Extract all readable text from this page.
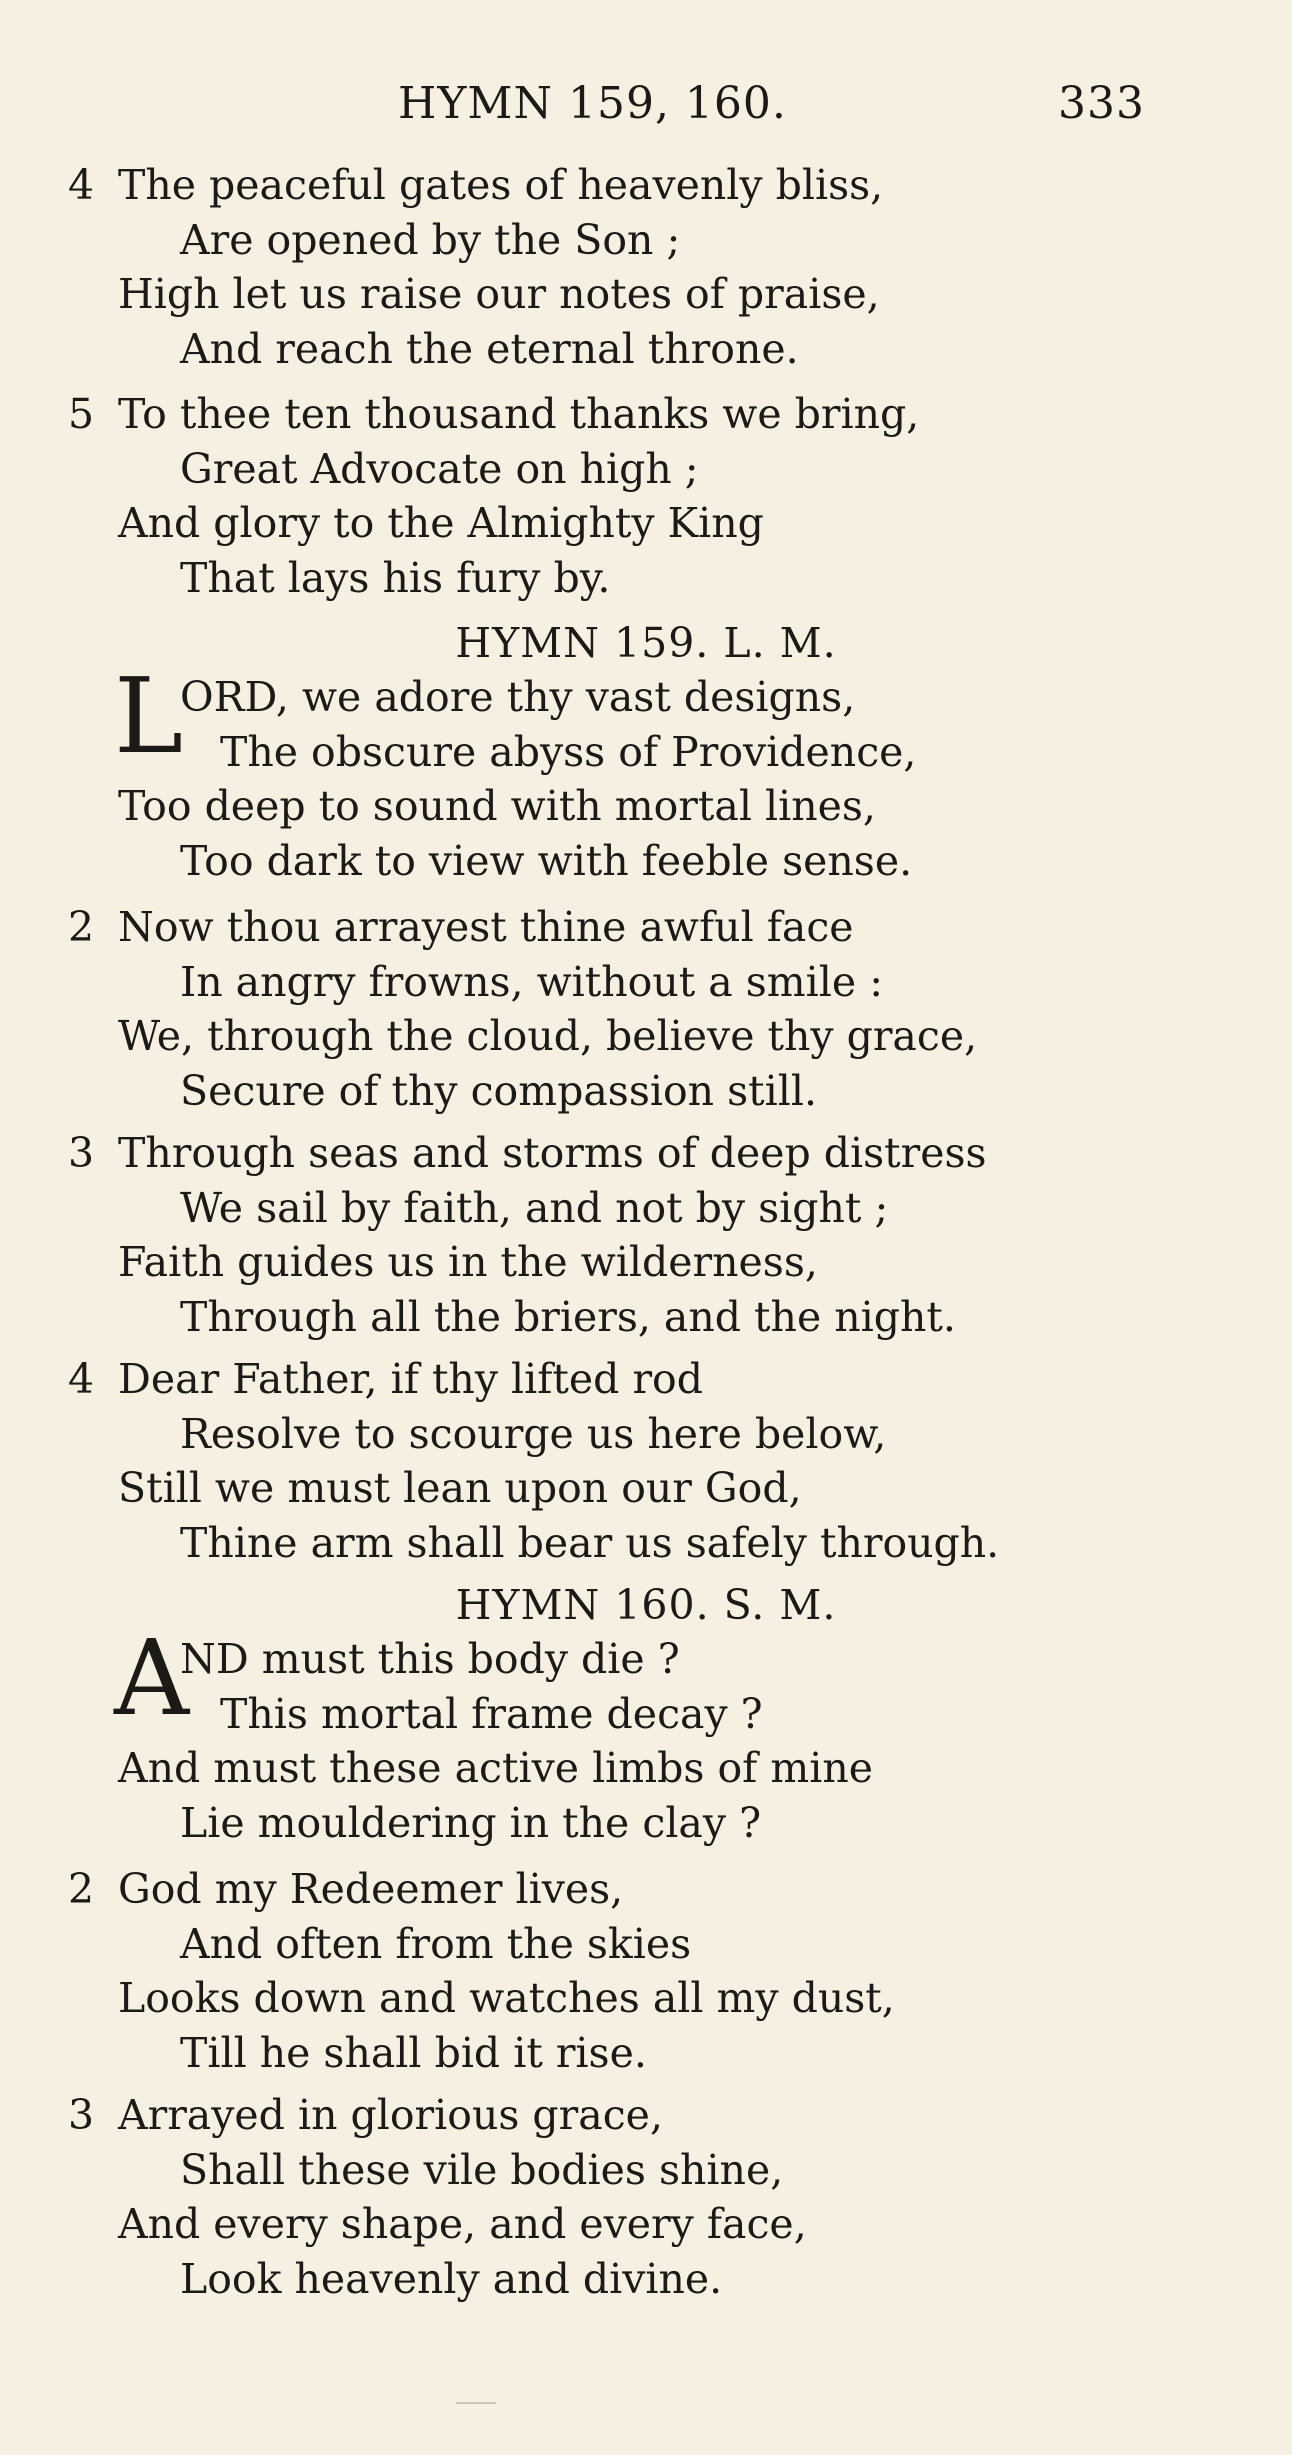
HYMN 159, 160.	333
4 The peaceful gates of heavenly bliss,
Are opened by the Son ;
High let us raise our notes of praise,
And reach the eternal throne.
5 To thee ten thousand thanks we bring,
Great Advocate on high ;
And glory to the Almighty King
That lays his fury by.
HYMN 159. L. M.
L
ORD, we adore thy vast designs,
The obscure abyss of Providence,
Too deep to sound with mortal lines,
Too dark to view with feeble sense.
2 Now thou arrayest thine awful face
In angry frowns, without a smile :
We, through the cloud, believe thy grace,
Secure of thy compassion still.
3 Through seas and storms of deep distress
We sail by faith, and not by sight ;
Faith guides us in the wilderness,
Through all the briers, and the night.
4 Dear Father, if thy lifted rod
Resolve to scourge us here below,
Still we must lean upon our God,
Thine arm shall bear us safely through.
HYMN 160. S. M.
A
ND must this body die ?
This mortal frame decay ?
And must these active limbs of mine
Lie mouldering in the clay ?
2 God my Redeemer lives,
And often from the skies
Looks down and watches all my dust,
Till he shall bid it rise.
3 Arrayed in glorious grace,
Shall these vile bodies shine,
And every shape, and every face,
Look heavenly and divine.
